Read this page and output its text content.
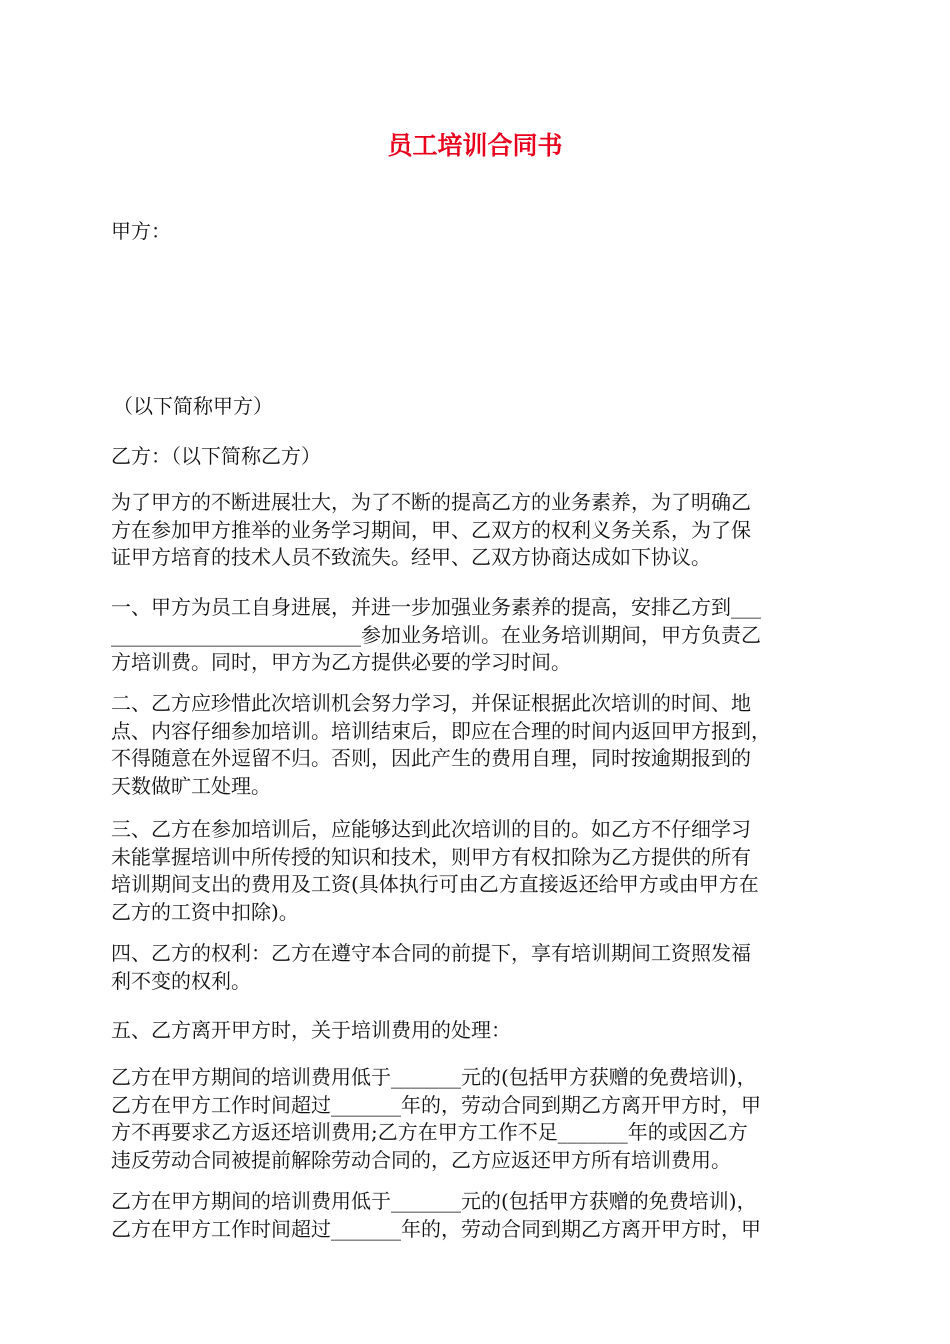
员工培训合同书

甲方：

（以下简称甲方）

乙方：（以下简称乙方）

为了甲方的不断进展壮大，为了不断的提高乙方的业务素养，为了明确乙
方在参加甲方推举的业务学习期间，甲、乙双方的权利义务关系，为了保
证甲方培育的技术人员不致流失。经甲、乙双方协商达成如下协议。
一、甲方为员工自身进展，并进一步加强业务素养的提高，安排乙方到___
_________________________参加业务培训。在业务培训期间，甲方负责乙
方培训费。同时，甲方为乙方提供必要的学习时间。
二、乙方应珍惜此次培训机会努力学习，并保证根据此次培训的时间、地
点、内容仔细参加培训。培训结束后，即应在合理的时间内返回甲方报到，
不得随意在外逗留不归。否则，因此产生的费用自理，同时按逾期报到的
天数做旷工处理。
三、乙方在参加培训后，应能够达到此次培训的目的。如乙方不仔细学习
未能掌握培训中所传授的知识和技术，则甲方有权扣除为乙方提供的所有
培训期间支出的费用及工资(具体执行可由乙方直接返还给甲方或由甲方在
乙方的工资中扣除)。
四、乙方的权利：乙方在遵守本合同的前提下，享有培训期间工资照发福
利不变的权利。

五、乙方离开甲方时，关于培训费用的处理：

乙方在甲方期间的培训费用低于_______元的(包括甲方获赠的免费培训)，
乙方在甲方工作时间超过_______年的，劳动合同到期乙方离开甲方时，甲
方不再要求乙方返还培训费用;乙方在甲方工作不足_______年的或因乙方
违反劳动合同被提前解除劳动合同的，乙方应返还甲方所有培训费用。
乙方在甲方期间的培训费用低于_______元的(包括甲方获赠的免费培训)，
乙方在甲方工作时间超过_______年的，劳动合同到期乙方离开甲方时，甲
